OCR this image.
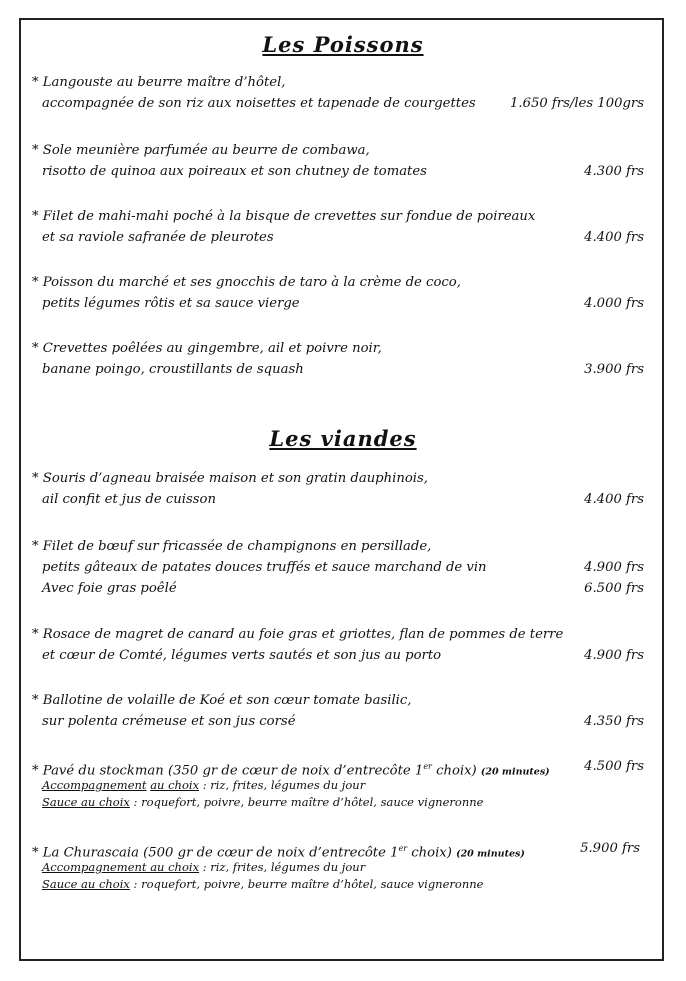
Les Poissons
* Langouste au beurre maître d’hôtel,
accompagnée de son riz aux noisettes et tapenade de courgettes	1.650 frs/les 100grs
* Sole meunière parfumée au beurre de combawa,
risotto de quinoa aux poireaux et son chutney de tomates	4.300 frs
* Filet de mahi-mahi poché à la bisque de crevettes sur fondue de poireaux
et sa raviole safranée de pleurotes	4.400 frs
* Poisson du marché et ses gnocchis de taro à la crème de coco,
petits légumes rôtis et sa sauce vierge	4.000 frs
* Crevettes poêlées au gingembre, ail et poivre noir,
banane poingo, croustillants de squash	3.900 frs
Les viandes
* Souris d’agneau braisée maison et son gratin dauphinois,
ail confit et jus de cuisson	4.400 frs
* Filet de bœuf sur fricassée de champignons en persillade,
petits gâteaux de patates douces truffés et sauce marchand de vin	4.900 frs
Avec foie gras poêlé	6.500 frs
* Rosace de magret de canard au foie gras et griottes, flan de pommes de terre
et cœur de Comté, légumes verts sautés et son jus au porto	4.900 frs
* Ballotine de volaille de Koé et son cœur tomate basilic,
sur polenta crémeuse et son jus corsé	4.350 frs
* Pavé du stockman (350 gr de cœur de noix d’entrecôte 1er choix) (20 minutes)	4.500 frs
Accompagnement au choix : riz, frites, légumes du jour
Sauce au choix : roquefort, poivre, beurre maître d’hôtel, sauce vigneronne
* La Churascaia (500 gr de cœur de noix d’entrecôte 1er choix) (20 minutes)	5.900 frs
Accompagnement au choix : riz, frites, légumes du jour
Sauce au choix : roquefort, poivre, beurre maître d’hôtel, sauce vigneronne
